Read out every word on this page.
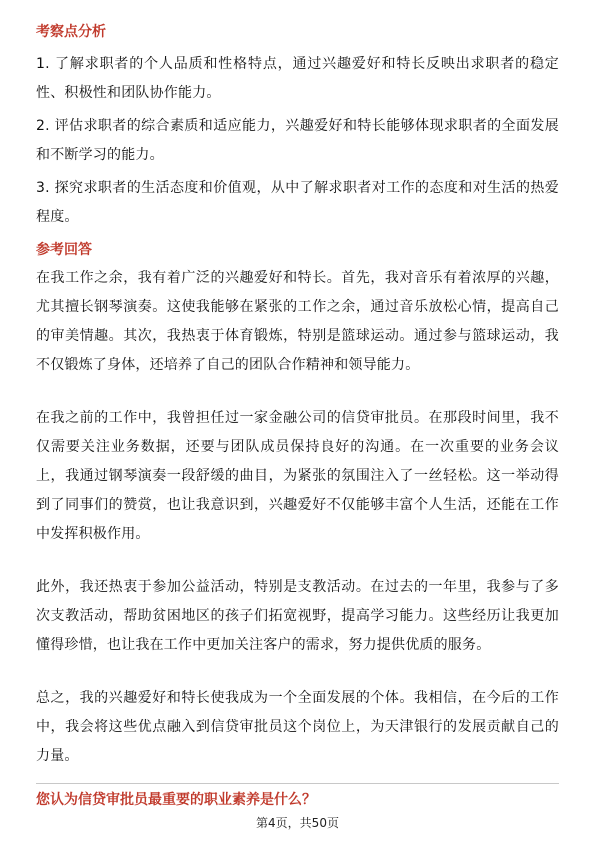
考察点分析

1. 了解求职者的个人品质和性格特点，通过兴趣爱好和特长反映出求职者的稳定性、积极性和团队协作能力。

2. 评估求职者的综合素质和适应能力，兴趣爱好和特长能够体现求职者的全面发展和不断学习的能力。

3. 探究求职者的生活态度和价值观，从中了解求职者对工作的态度和对生活的热爱程度。

参考回答

在我工作之余，我有着广泛的兴趣爱好和特长。首先，我对音乐有着浓厚的兴趣，尤其擅长钢琴演奏。这使我能够在紧张的工作之余，通过音乐放松心情，提高自己的审美情趣。其次，我热衷于体育锻炼，特别是篮球运动。通过参与篮球运动，我不仅锻炼了身体，还培养了自己的团队合作精神和领导能力。

在我之前的工作中，我曾担任过一家金融公司的信贷审批员。在那段时间里，我不仅需要关注业务数据，还要与团队成员保持良好的沟通。在一次重要的业务会议上，我通过钢琴演奏一段舒缓的曲目，为紧张的氛围注入了一丝轻松。这一举动得到了同事们的赞赏，也让我意识到，兴趣爱好不仅能够丰富个人生活，还能在工作中发挥积极作用。

此外，我还热衷于参加公益活动，特别是支教活动。在过去的一年里，我参与了多次支教活动，帮助贫困地区的孩子们拓宽视野，提高学习能力。这些经历让我更加懂得珍惜，也让我在工作中更加关注客户的需求，努力提供优质的服务。

总之，我的兴趣爱好和特长使我成为一个全面发展的个体。我相信，在今后的工作中，我会将这些优点融入到信贷审批员这个岗位上，为天津银行的发展贡献自己的力量。

您认为信贷审批员最重要的职业素养是什么？
第4页，共50页
